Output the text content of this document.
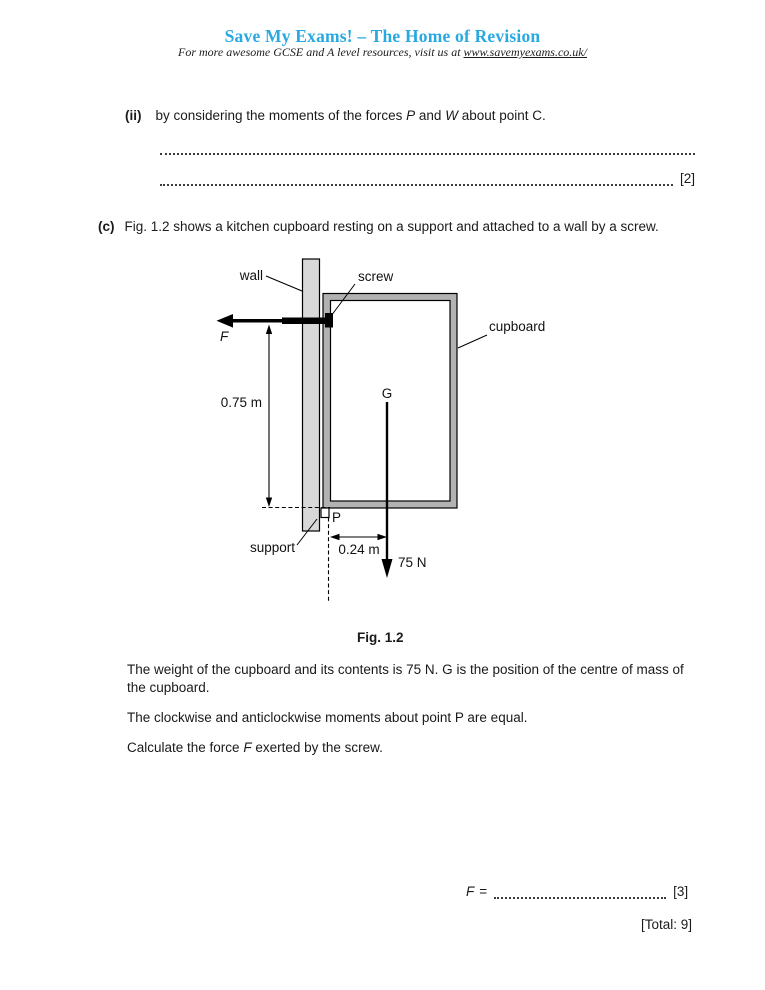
Save My Exams! – The Home of Revision
For more awesome GCSE and A level resources, visit us at www.savemyexams.co.uk/
(ii) by considering the moments of the forces P and W about point C.
[2]
(c) Fig. 1.2 shows a kitchen cupboard resting on a support and attached to a wall by a screw.
wall	screw
cupboard
support
F
0.75 m
G
P
0.24 m
75 N
Fig. 1.2
The weight of the cupboard and its contents is 75 N. G is the position of the centre of mass of the cupboard.
The clockwise and anticlockwise moments about point P are equal.
Calculate the force F exerted by the screw.
F =	[3]
[Total: 9]
